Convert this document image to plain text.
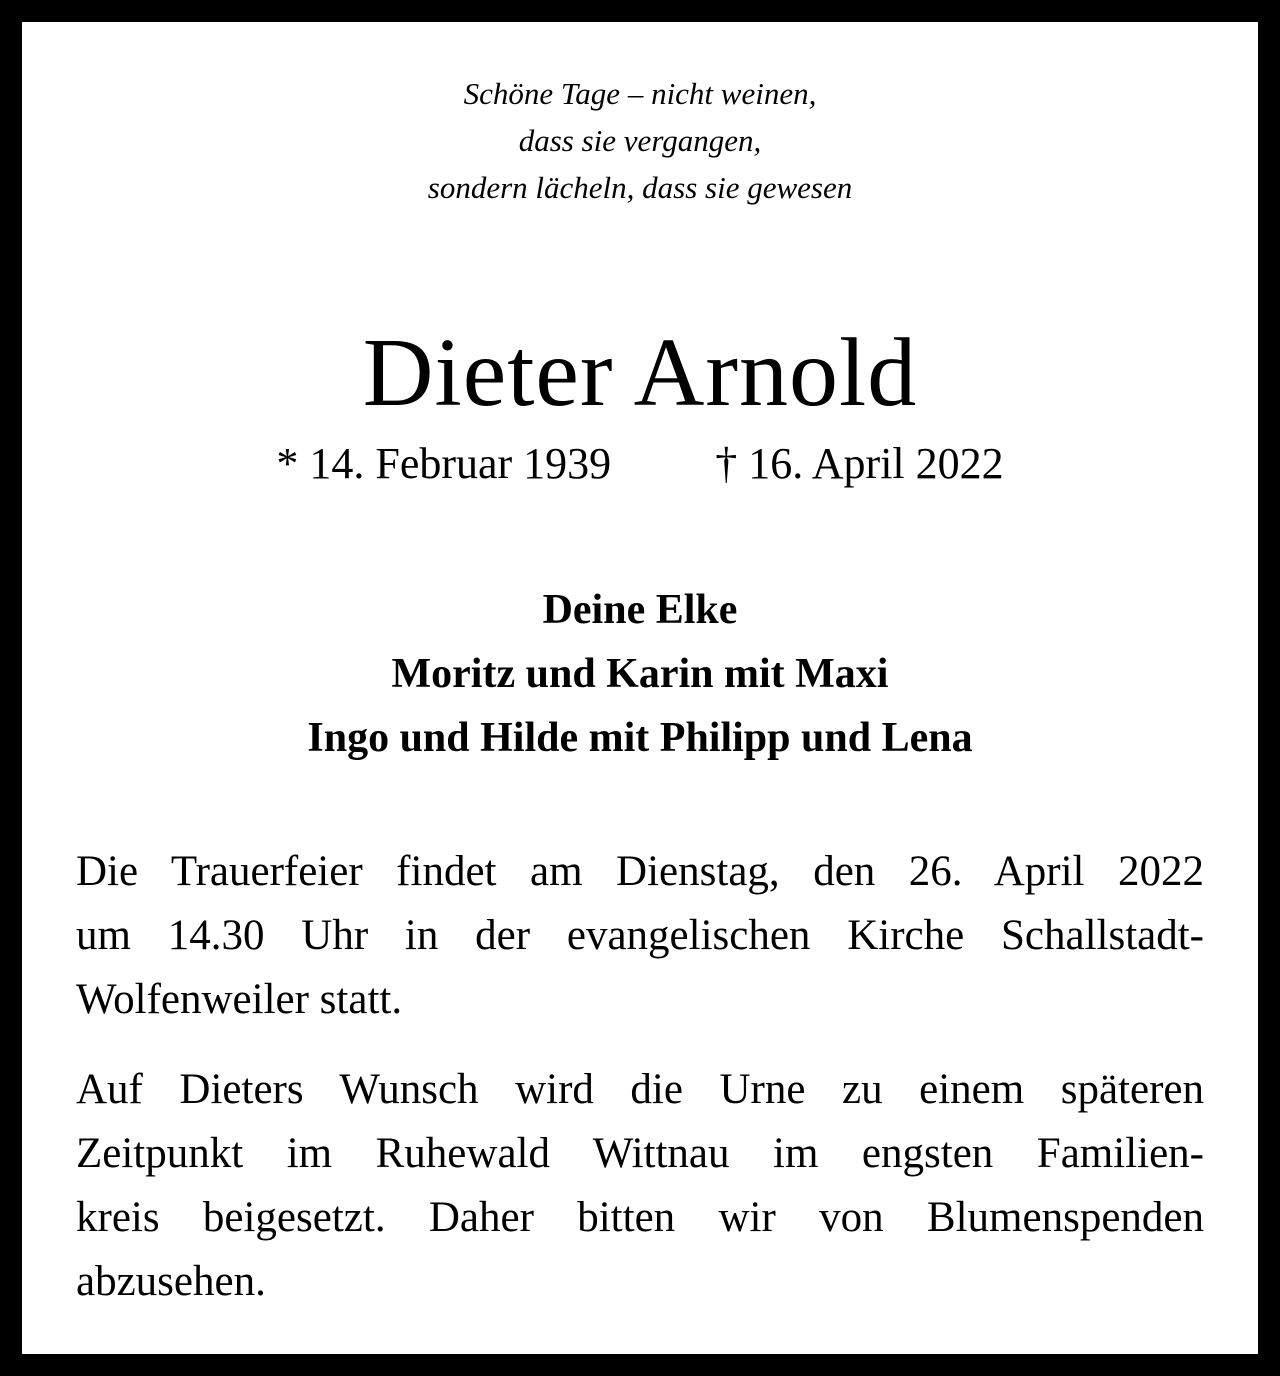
Schöne Tage – nicht weinen,
dass sie vergangen,
sondern lächeln, dass sie gewesen
Dieter Arnold
* 14. Februar 1939 † 16. April 2022
Deine Elke
Moritz und Karin mit Maxi
Ingo und Hilde mit Philipp und Lena
Die Trauerfeier findet am Dienstag, den 26. April 2022
um 14.30 Uhr in der evangelischen Kirche Schallstadt-
Wolfenweiler statt.
Auf Dieters Wunsch wird die Urne zu einem späteren
Zeitpunkt im Ruhewald Wittnau im engsten Familien-
kreis beigesetzt. Daher bitten wir von Blumenspenden
abzusehen.
